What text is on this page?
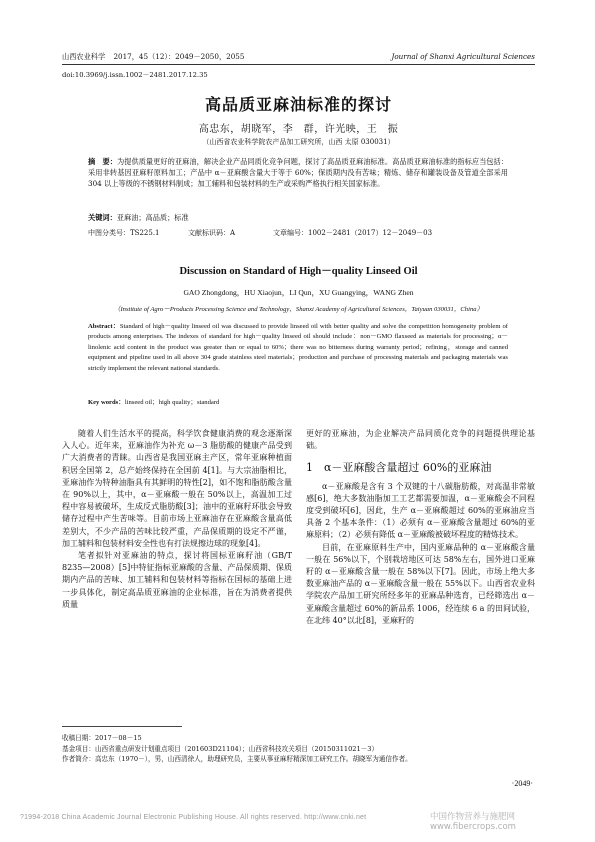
山西农业科学 2017，45（12）：2049－2050，2055	Journal of Shanxi Agricultural Sciences
doi:10.3969/j.issn.1002－2481.2017.12.35
高品质亚麻油标准的探讨
高忠东，胡晓军，李　群，许光映，王　振
（山西省农业科学院农产品加工研究所，山西 太原 030031）
摘　要：为提供质量更好的亚麻油，解决企业产品同质化竞争问题，探讨了高品质亚麻油标准。高品质亚麻油标准的指标应当包括：采用非转基因亚麻籽原料加工；产品中 α－亚麻酸含量大于等于 60%；保质期内没有苦味；精炼、储存和罐装设备及管道全部采用 304 以上等级的不锈钢材料制成；加工辅料和包装材料的生产或采购严格执行相关国家标准。
关键词：亚麻油；高品质；标准
中图分类号：TS225.1	文献标识码：A	文章编号：1002－2481（2017）12－2049－03
Discussion on Standard of High－quality Linseed Oil
GAO Zhongdong，HU Xiaojun，LI Qun，XU Guangying，WANG Zhen
（Institute of Agro－Products Processing Science and Technology，Shanxi Academy of Agricultural Sciences，Taiyuan 030031，China）
Abstract：Standard of high－quality linseed oil was discussed to provide linseed oil with better quality and solve the competition homogeneity problem of products among enterprises. The indexes of standard for high－quality linseed oil should include：non－GMO flaxseed as materials for processing；α－linolenic acid content in the product was greater than or equal to 60%；there was no bitterness during warranty period；refining，storage and canned equipment and pipeline used in all above 304 grade stainless steel materials；production and purchase of processing materials and packaging materials was strictly implement the relevant national standards.
Key words：linseed oil；high quality；standard

随着人们生活水平的提高，科学饮食健康消费的观念逐渐深入人心。近年来，亚麻油作为补充 ω－3 脂肪酸的健康产品受到广大消费者的青睐。山西省是我国亚麻主产区，常年亚麻种植面积居全国第 2，总产始终保持在全国前 4[1]。与大宗油脂相比，亚麻油作为特种油脂具有其鲜明的特性[2]，如不饱和脂肪酸含量在 90%以上，其中，α－亚麻酸一般在 50%以上，高温加工过程中容易被破坏，生成反式脂肪酸[3]；油中的亚麻籽环肽会导致储存过程中产生苦味等。目前市场上亚麻油存在亚麻酸含量高低差别大，不少产品的苦味比较严重，产品保质期的设定不严谨，加工辅料和包装材料安全性也有打法规擦边球的现象[4]。

笔者拟针对亚麻油的特点，探讨将国标亚麻籽油（GB/T 8235—2008）[5]中特征指标亚麻酸的含量、产品保质期、保质期内产品的苦味、加工辅料和包装材料等指标在国标的基础上进一步具体化，制定高品质亚麻油的企业标准，旨在为消费者提供质量

更好的亚麻油，为企业解决产品同质化竞争的问题提供理论基础。

1　α－亚麻酸含量超过 60%的亚麻油

α－亚麻酸是含有 3 个双键的十八碳脂肪酸，对高温非常敏感[6]，绝大多数油脂加工工艺都需要加温，α－亚麻酸会不同程度受到破坏[6]，因此，生产 α－亚麻酸超过 60%的亚麻油应当具备 2 个基本条件：（1）必须有 α－亚麻酸含量超过 60%的亚麻原料；（2）必须有降低 α－亚麻酸被破坏程度的精炼技术。

目前，在亚麻原料生产中，国内亚麻品种的 α－亚麻酸含量一般在 56%以下，个别栽培地区可达 58%左右，国外进口亚麻籽的 α－亚麻酸含量一般在 58%以下[7]。因此，市场上绝大多数亚麻油产品的 α－亚麻酸含量一般在 55%以下。山西省农业科学院农产品加工研究所经多年的亚麻品种选育，已经筛选出 α－亚麻酸含量超过 60%的新品系 1006，经连续 6 a 的田间试验，在北纬 40°以北[8]，亚麻籽的

收稿日期：2017－08－15
基金项目：山西省重点研发计划重点项目（201603D21104）；山西省科技攻关项目（20150311021－3）
作者简介：高忠东（1970－），男，山西清徐人，助理研究员，主要从事亚麻籽精深加工研究工作。胡晓军为通信作者。
·2049·
?1994-2018 China Academic Journal Electronic Publishing House. All rights reserved. http://www.cnki.net	中国作物营养与施肥网 www.fibercrops.com
